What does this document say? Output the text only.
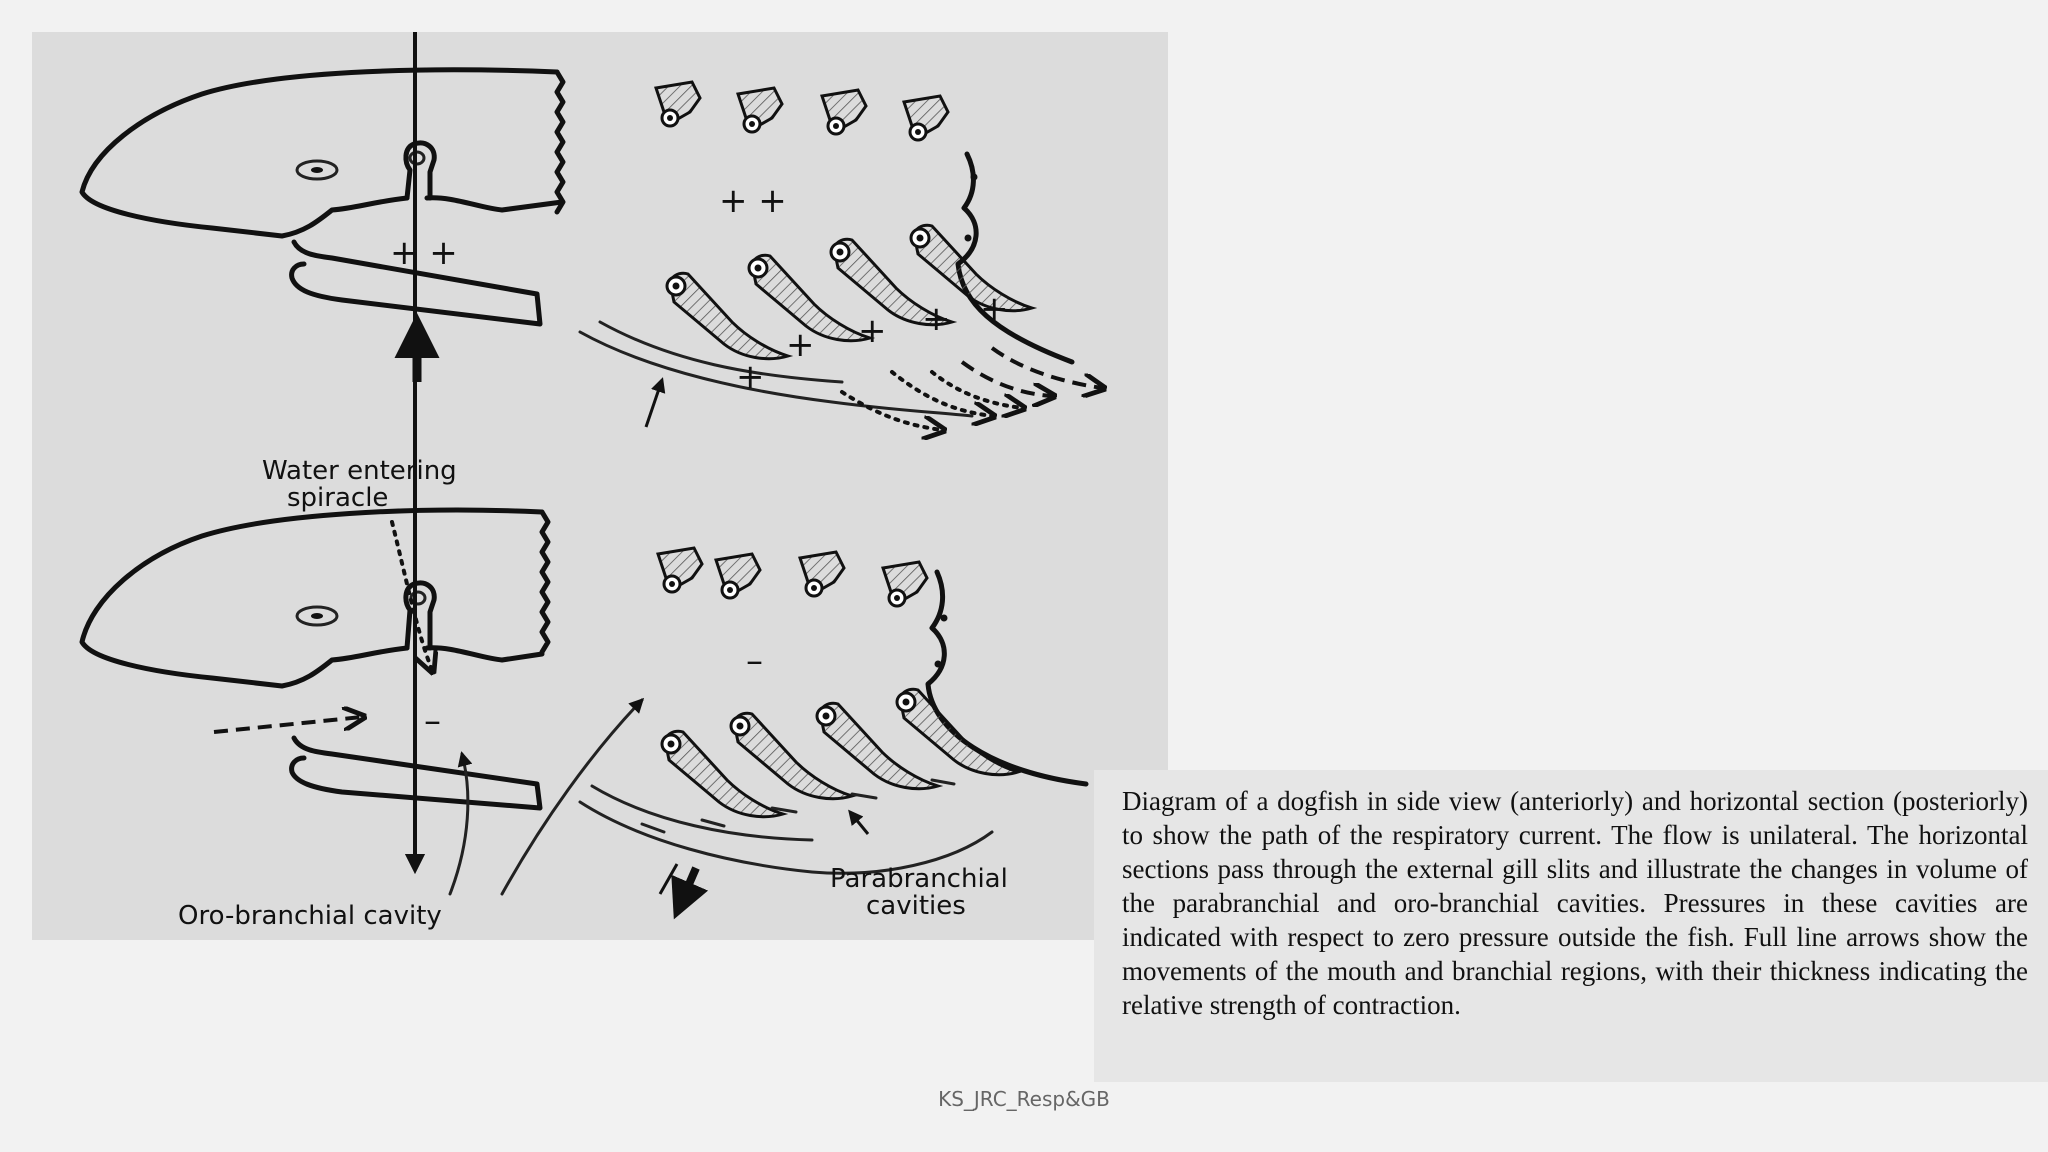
+ +
+ +
+
+ + + +
–
–
Water entering
spiracle
Oro-branchial cavity
Parabranchial
cavities

Diagram of a dogfish in side view (anteriorly) and horizontal section (posteriorly) to show the path of the respiratory current. The flow is unilateral. The horizontal sections pass through the external gill slits and illustrate the changes in volume of the parabranchial and oro-branchial cavities. Pressures in these cavities are indicated with respect to zero pressure outside the fish. Full line arrows show the movements of the mouth and branchial regions, with their thickness indicating the relative strength of contraction.

KS_JRC_Resp&GB
